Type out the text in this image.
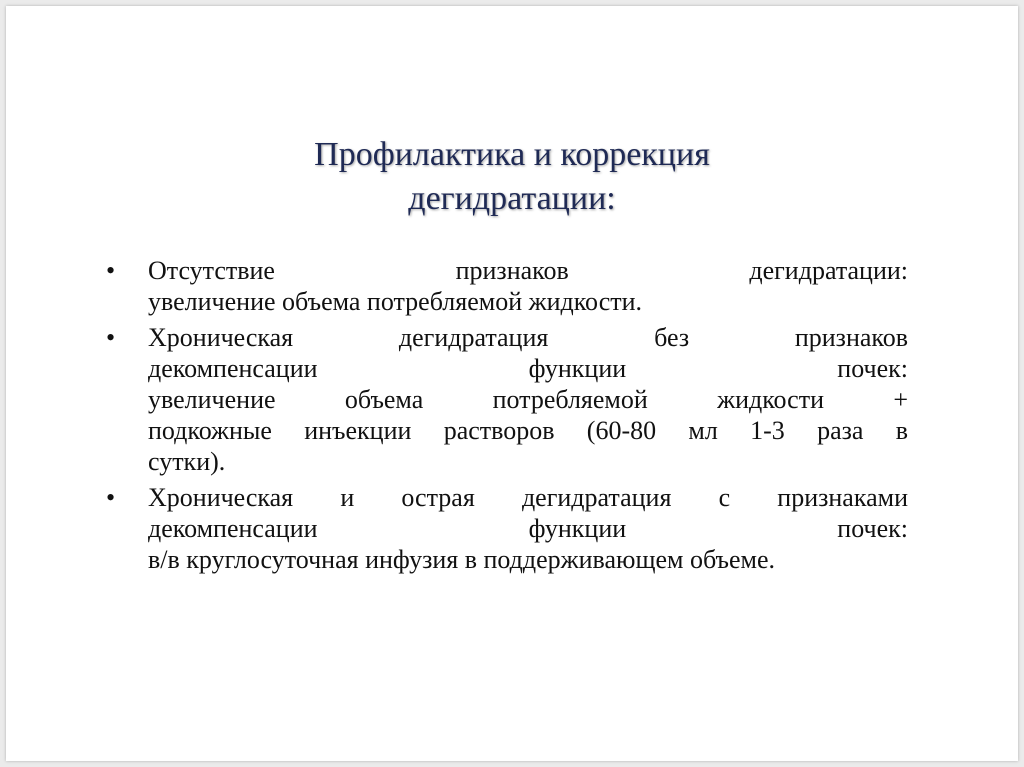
Профилактика и коррекция
дегидратации:
• Отсутствие признаков дегидратации:
увеличение объема потребляемой жидкости.
• Хроническая дегидратация без признаков
декомпенсации функции почек:
увеличение объема потребляемой жидкости +
подкожные инъекции растворов (60-80 мл 1-3 раза в
сутки).
• Хроническая и острая дегидратация с признаками
декомпенсации функции почек:
в/в круглосуточная инфузия в поддерживающем объеме.
